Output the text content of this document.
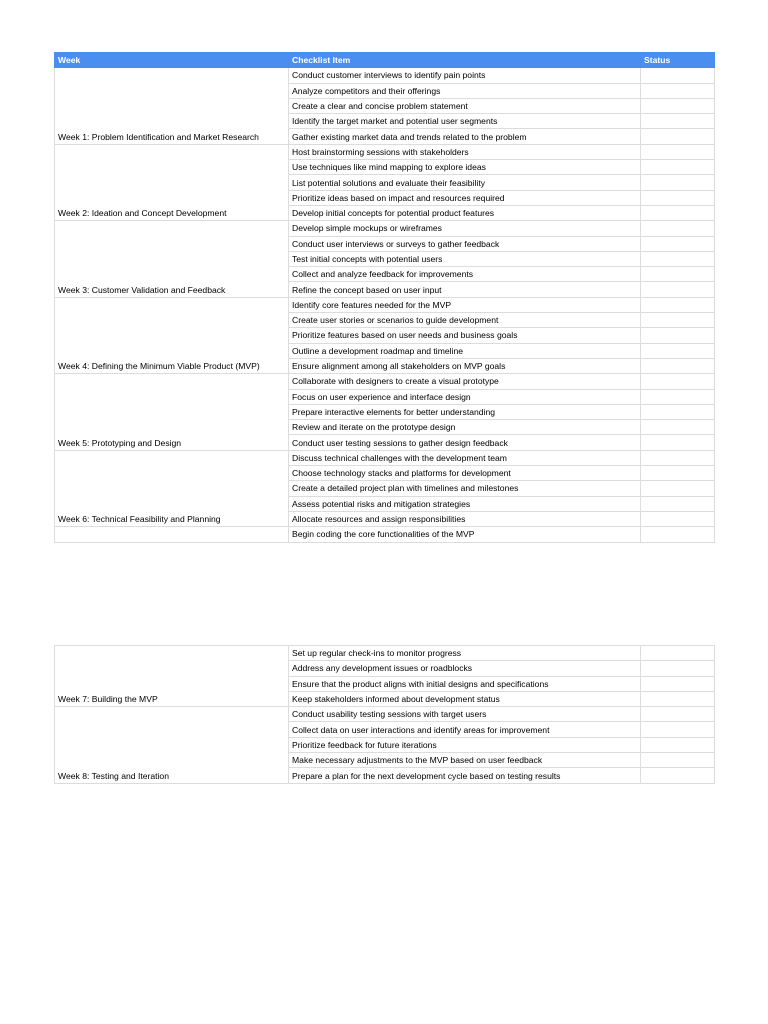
Week	Checklist Item	Status
Week 1: Problem Identification and Market Research	Conduct customer interviews to identify pain points	
	Analyze competitors and their offerings	
	Create a clear and concise problem statement	
	Identify the target market and potential user segments	
	Gather existing market data and trends related to the problem	
Week 2: Ideation and Concept Development	Host brainstorming sessions with stakeholders	
	Use techniques like mind mapping to explore ideas	
	List potential solutions and evaluate their feasibility	
	Prioritize ideas based on impact and resources required	
	Develop initial concepts for potential product features	
Week 3: Customer Validation and Feedback	Develop simple mockups or wireframes	
	Conduct user interviews or surveys to gather feedback	
	Test initial concepts with potential users	
	Collect and analyze feedback for improvements	
	Refine the concept based on user input	
Week 4: Defining the Minimum Viable Product (MVP)	Identify core features needed for the MVP	
	Create user stories or scenarios to guide development	
	Prioritize features based on user needs and business goals	
	Outline a development roadmap and timeline	
	Ensure alignment among all stakeholders on MVP goals	
Week 5: Prototyping and Design	Collaborate with designers to create a visual prototype	
	Focus on user experience and interface design	
	Prepare interactive elements for better understanding	
	Review and iterate on the prototype design	
	Conduct user testing sessions to gather design feedback	
Week 6: Technical Feasibility and Planning	Discuss technical challenges with the development team	
	Choose technology stacks and platforms for development	
	Create a detailed project plan with timelines and milestones	
	Assess potential risks and mitigation strategies	
	Allocate resources and assign responsibilities	
	Begin coding the core functionalities of the MVP	
Week 7: Building the MVP	Set up regular check-ins to monitor progress	
	Address any development issues or roadblocks	
	Ensure that the product aligns with initial designs and specifications	
	Keep stakeholders informed about development status	
Week 8: Testing and Iteration	Conduct usability testing sessions with target users	
	Collect data on user interactions and identify areas for improvement	
	Prioritize feedback for future iterations	
	Make necessary adjustments to the MVP based on user feedback	
	Prepare a plan for the next development cycle based on testing results	
